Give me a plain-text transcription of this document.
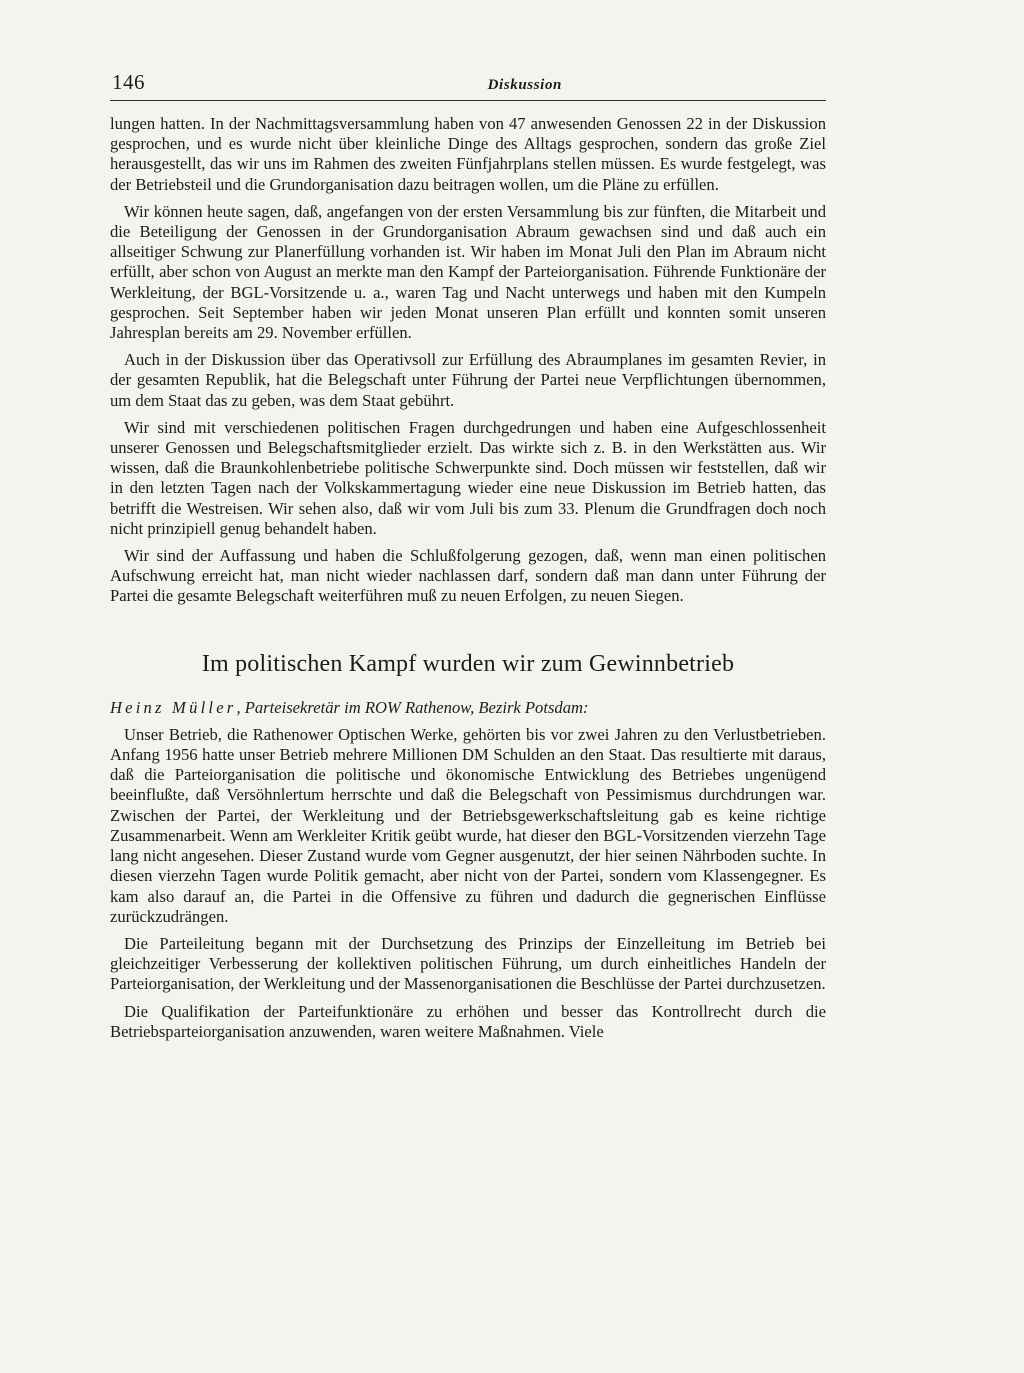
146	Diskussion

lungen hatten. In der Nachmittagsversammlung haben von 47 anwesenden Genossen 22 in der Diskussion gesprochen, und es wurde nicht über kleinliche Dinge des Alltags gesprochen, sondern das große Ziel herausgestellt, das wir uns im Rahmen des zweiten Fünfjahrplans stellen müssen. Es wurde festgelegt, was der Betriebsteil und die Grundorganisation dazu beitragen wollen, um die Pläne zu erfüllen.

Wir können heute sagen, daß, angefangen von der ersten Versammlung bis zur fünften, die Mitarbeit und die Beteiligung der Genossen in der Grundorganisation Abraum gewachsen sind und daß auch ein allseitiger Schwung zur Planerfüllung vorhanden ist. Wir haben im Monat Juli den Plan im Abraum nicht erfüllt, aber schon von August an merkte man den Kampf der Parteiorganisation. Führende Funktionäre der Werkleitung, der BGL-Vorsitzende u. a., waren Tag und Nacht unterwegs und haben mit den Kumpeln gesprochen. Seit September haben wir jeden Monat unseren Plan erfüllt und konnten somit unseren Jahresplan bereits am 29. November erfüllen.

Auch in der Diskussion über das Operativsoll zur Erfüllung des Abraumplanes im gesamten Revier, in der gesamten Republik, hat die Belegschaft unter Führung der Partei neue Verpflichtungen übernommen, um dem Staat das zu geben, was dem Staat gebührt.

Wir sind mit verschiedenen politischen Fragen durchgedrungen und haben eine Aufgeschlossenheit unserer Genossen und Belegschaftsmitglieder erzielt. Das wirkte sich z. B. in den Werkstätten aus. Wir wissen, daß die Braunkohlenbetriebe politische Schwerpunkte sind. Doch müssen wir feststellen, daß wir in den letzten Tagen nach der Volkskammertagung wieder eine neue Diskussion im Betrieb hatten, das betrifft die Westreisen. Wir sehen also, daß wir vom Juli bis zum 33. Plenum die Grundfragen doch noch nicht prinzipiell genug behandelt haben.

Wir sind der Auffassung und haben die Schlußfolgerung gezogen, daß, wenn man einen politischen Aufschwung erreicht hat, man nicht wieder nachlassen darf, sondern daß man dann unter Führung der Partei die gesamte Belegschaft weiterführen muß zu neuen Erfolgen, zu neuen Siegen.

Im politischen Kampf wurden wir zum Gewinnbetrieb

Heinz Müller, Parteisekretär im ROW Rathenow, Bezirk Potsdam:

Unser Betrieb, die Rathenower Optischen Werke, gehörten bis vor zwei Jahren zu den Verlustbetrieben. Anfang 1956 hatte unser Betrieb mehrere Millionen DM Schulden an den Staat. Das resultierte mit daraus, daß die Parteiorganisation die politische und ökonomische Entwicklung des Betriebes ungenügend beeinflußte, daß Versöhnlertum herrschte und daß die Belegschaft von Pessimismus durchdrungen war. Zwischen der Partei, der Werkleitung und der Betriebsgewerkschaftsleitung gab es keine richtige Zusammenarbeit. Wenn am Werkleiter Kritik geübt wurde, hat dieser den BGL-Vorsitzenden vierzehn Tage lang nicht angesehen. Dieser Zustand wurde vom Gegner ausgenutzt, der hier seinen Nährboden suchte. In diesen vierzehn Tagen wurde Politik gemacht, aber nicht von der Partei, sondern vom Klassengegner. Es kam also darauf an, die Partei in die Offensive zu führen und dadurch die gegnerischen Einflüsse zurückzudrängen.

Die Parteileitung begann mit der Durchsetzung des Prinzips der Einzelleitung im Betrieb bei gleichzeitiger Verbesserung der kollektiven politischen Führung, um durch einheitliches Handeln der Parteiorganisation, der Werkleitung und der Massenorganisationen die Beschlüsse der Partei durchzusetzen.

Die Qualifikation der Parteifunktionäre zu erhöhen und besser das Kontrollrecht durch die Betriebsparteiorganisation anzuwenden, waren weitere Maßnahmen. Viele
